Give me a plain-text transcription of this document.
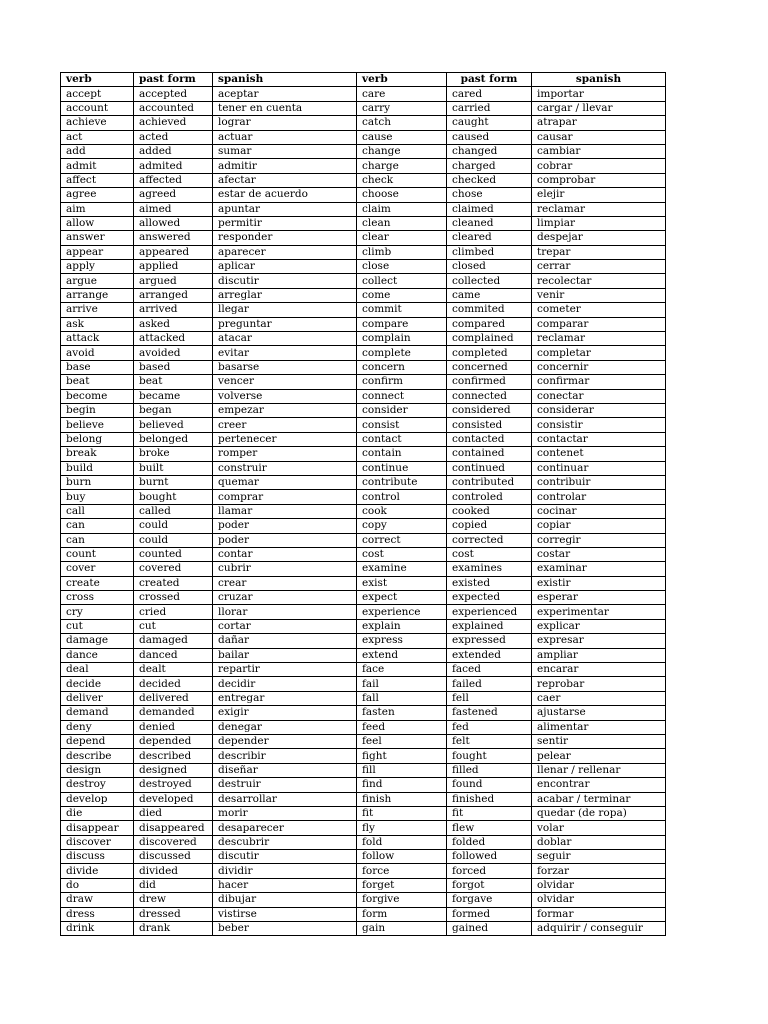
verb	past form	spanish	verb	past form	spanish
accept	accepted	aceptar	care	cared	importar
account	accounted	tener en cuenta	carry	carried	cargar / llevar
achieve	achieved	lograr	catch	caught	atrapar
act	acted	actuar	cause	caused	causar
add	added	sumar	change	changed	cambiar
admit	admited	admitir	charge	charged	cobrar
affect	affected	afectar	check	checked	comprobar
agree	agreed	estar de acuerdo	choose	chose	elejir
aim	aimed	apuntar	claim	claimed	reclamar
allow	allowed	permitir	clean	cleaned	limpiar
answer	answered	responder	clear	cleared	despejar
appear	appeared	aparecer	climb	climbed	trepar
apply	applied	aplicar	close	closed	cerrar
argue	argued	discutir	collect	collected	recolectar
arrange	arranged	arreglar	come	came	venir
arrive	arrived	llegar	commit	commited	cometer
ask	asked	preguntar	compare	compared	comparar
attack	attacked	atacar	complain	complained	reclamar
avoid	avoided	evitar	complete	completed	completar
base	based	basarse	concern	concerned	concernir
beat	beat	vencer	confirm	confirmed	confirmar
become	became	volverse	connect	connected	conectar
begin	began	empezar	consider	considered	considerar
believe	believed	creer	consist	consisted	consistir
belong	belonged	pertenecer	contact	contacted	contactar
break	broke	romper	contain	contained	contenet
build	built	construir	continue	continued	continuar
burn	burnt	quemar	contribute	contributed	contribuir
buy	bought	comprar	control	controled	controlar
call	called	llamar	cook	cooked	cocinar
can	could	poder	copy	copied	copiar
can	could	poder	correct	corrected	corregir
count	counted	contar	cost	cost	costar
cover	covered	cubrir	examine	examines	examinar
create	created	crear	exist	existed	existir
cross	crossed	cruzar	expect	expected	esperar
cry	cried	llorar	experience	experienced	experimentar
cut	cut	cortar	explain	explained	explicar
damage	damaged	dañar	express	expressed	expresar
dance	danced	bailar	extend	extended	ampliar
deal	dealt	repartir	face	faced	encarar
decide	decided	decidir	fail	failed	reprobar
deliver	delivered	entregar	fall	fell	caer
demand	demanded	exigir	fasten	fastened	ajustarse
deny	denied	denegar	feed	fed	alimentar
depend	depended	depender	feel	felt	sentir
describe	described	describir	fight	fought	pelear
design	designed	diseñar	fill	filled	llenar / rellenar
destroy	destroyed	destruir	find	found	encontrar
develop	developed	desarrollar	finish	finished	acabar / terminar
die	died	morir	fit	fit	quedar (de ropa)
disappear	disappeared	desaparecer	fly	flew	volar
discover	discovered	descubrir	fold	folded	doblar
discuss	discussed	discutir	follow	followed	seguir
divide	divided	dividir	force	forced	forzar
do	did	hacer	forget	forgot	olvidar
draw	drew	dibujar	forgive	forgave	olvidar
dress	dressed	vistirse	form	formed	formar
drink	drank	beber	gain	gained	adquirir / conseguir
